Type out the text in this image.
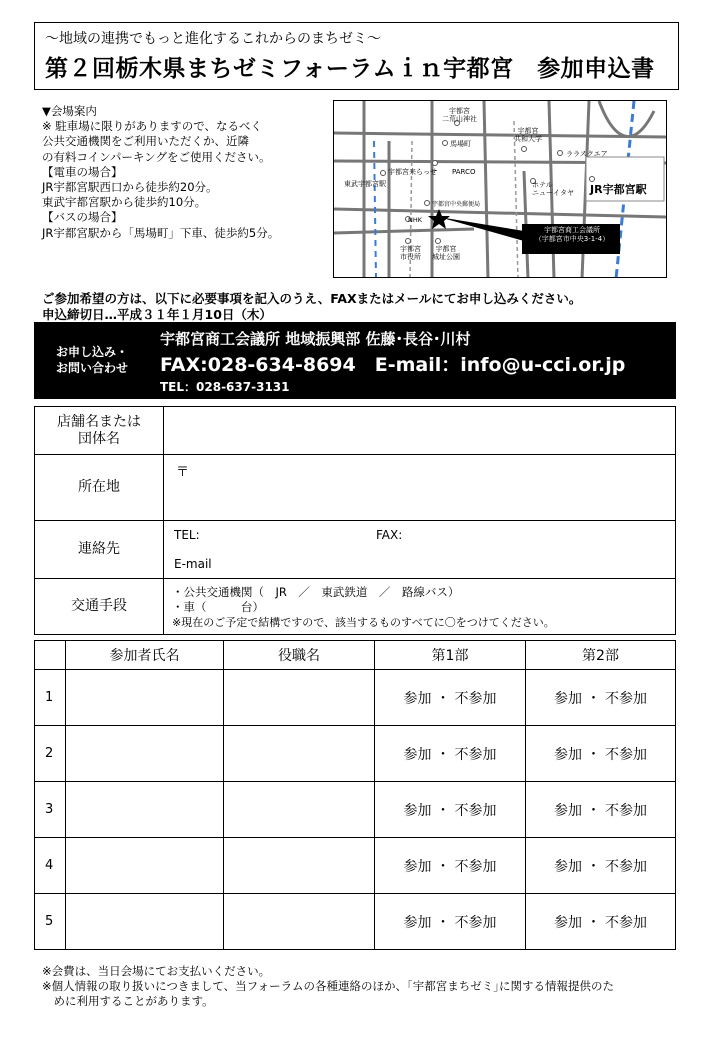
～地域の連携でもっと進化するこれからのまちゼミ～
第２回栃木県まちゼミフォーラムｉｎ宇都宮　参加申込書
▼会場案内
※ 駐車場に限りがありますので、なるべく
公共交通機関をご利用いただくか、近隣
の有料コインパーキングをご使用ください。
【電車の場合】
JR宇都宮駅西口から徒歩約20分。
東武宇都宮駅から徒歩約10分。
【バスの場合】
JR宇都宮駅から「馬場町」下車、徒歩約5分。
宇都宮
二荒山神社
馬場町
宇都宮
共和大学
ララスクエア
宇都宮来らっせ PARCO
東武宇都宮駅	ホテル
ニューイタヤ JR宇都宮駅
宇都宮中央郵便局
NHK
宇都宮商工会議所
（宇都宮市中央3-1-4）
宇都宮
市役所
宇都宮
城址公園
ご参加希望の方は、以下に必要事項を記入のうえ、FAXまたはメールにてお申し込みください。
申込締切日…平成３１年１月10日（木）
お申し込み・
お問い合わせ
宇都宮商工会議所 地域振興部 佐藤･長谷･川村
FAX:028-634-8694　E-mail：info@u-cci.or.jp
TEL：028-637-3131
店舗名または
団体名	

所在地	〒

連絡先	TEL: FAX:
E-mail

交通手段	・公共交通機関（　JR　／　東武鉄道　／　路線バス）
・車（　　　台）
※現在のご予定で結構ですので、該当するものすべてに〇をつけてください。
	参加者氏名	役職名	第1部	第2部
1			参加 ・ 不参加	参加 ・ 不参加
2			参加 ・ 不参加	参加 ・ 不参加
3			参加 ・ 不参加	参加 ・ 不参加
4			参加 ・ 不参加	参加 ・ 不参加
5			参加 ・ 不参加	参加 ・ 不参加
※会費は、当日会場にてお支払いください。
※個人情報の取り扱いにつきまして、当フォーラムの各種連絡のほか、｢宇都宮まちゼミ｣に関する情報提供のた
　めに利用することがあります。
